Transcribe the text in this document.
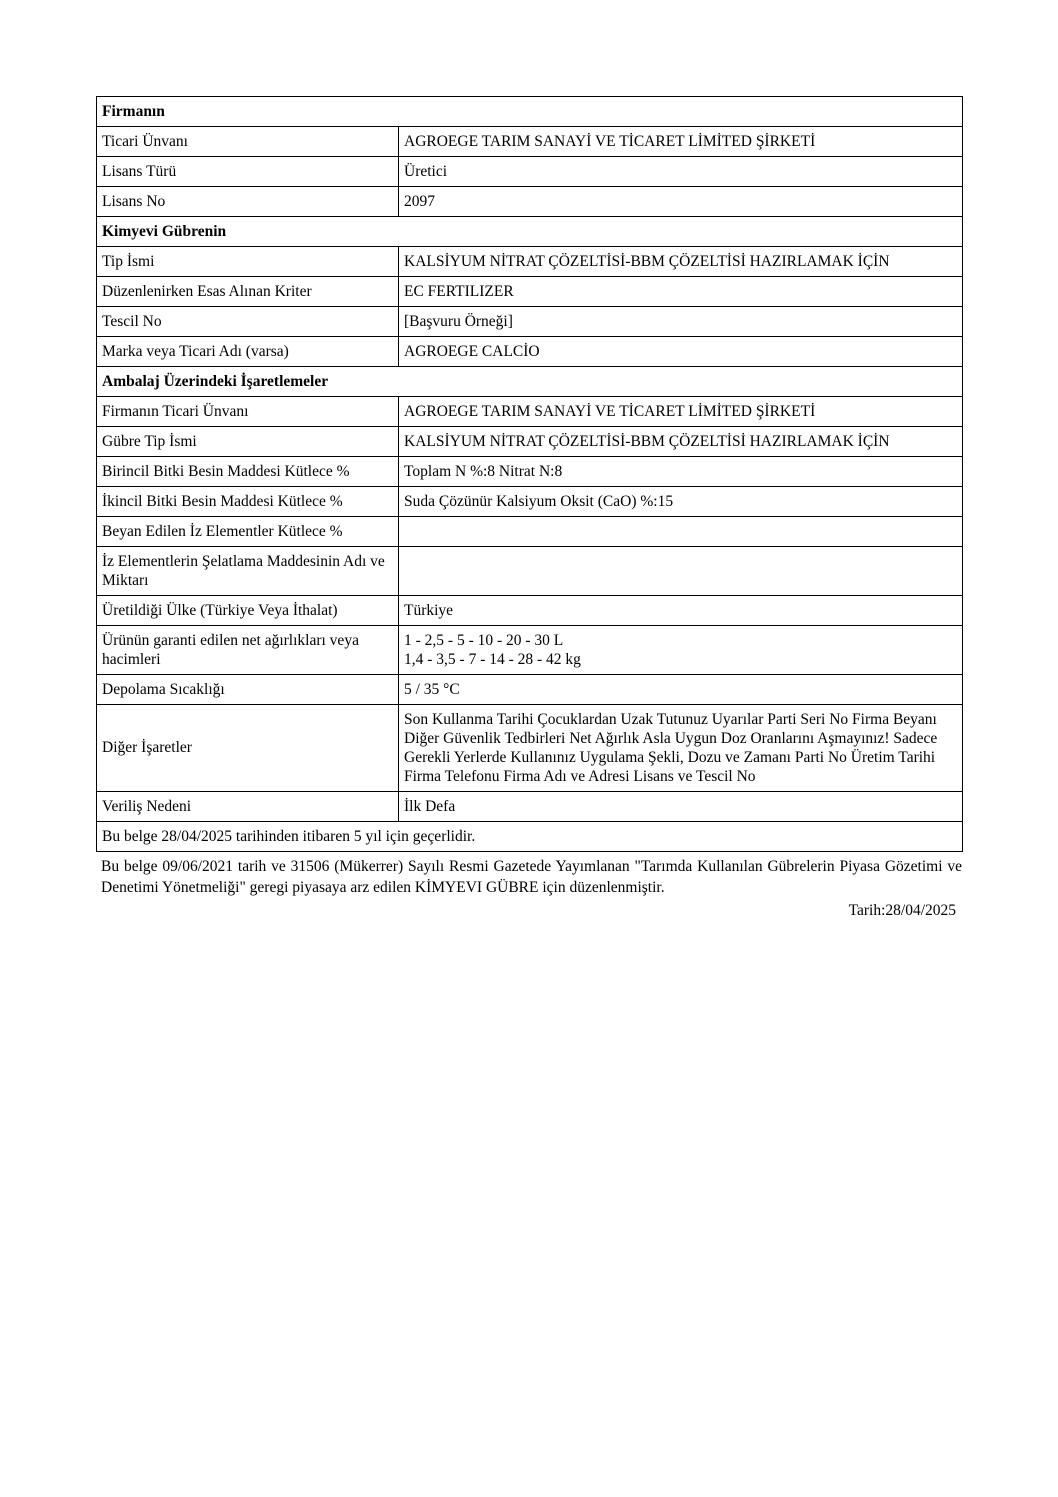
Firmanın	
Ticari Ünvanı	AGROEGE TARIM SANAYİ VE TİCARET LİMİTED ŞİRKETİ
Lisans Türü	Üretici
Lisans No	2097
Kimyevi Gübrenin	
Tip İsmi	KALSİYUM NİTRAT ÇÖZELTİSİ-BBM ÇÖZELTİSİ HAZIRLAMAK İÇİN
Düzenlenirken Esas Alınan Kriter	EC FERTILIZER
Tescil No	[Başvuru Örneği]
Marka veya Ticari Adı (varsa)	AGROEGE CALCİO
Ambalaj Üzerindeki İşaretlemeler	
Firmanın Ticari Ünvanı	AGROEGE TARIM SANAYİ VE TİCARET LİMİTED ŞİRKETİ
Gübre Tip İsmi	KALSİYUM NİTRAT ÇÖZELTİSİ-BBM ÇÖZELTİSİ HAZIRLAMAK İÇİN
Birincil Bitki Besin Maddesi Kütlece %	Toplam N %:8 Nitrat N:8
İkincil Bitki Besin Maddesi Kütlece %	Suda Çözünür Kalsiyum Oksit (CaO) %:15
Beyan Edilen İz Elementler Kütlece %	
İz Elementlerin Şelatlama Maddesinin Adı ve Miktarı	
Üretildiği Ülke (Türkiye Veya İthalat)	Türkiye
Ürünün garanti edilen net ağırlıkları veya hacimleri	1 - 2,5 - 5 - 10 - 20 - 30 L
1,4 - 3,5 - 7 - 14 - 28 - 42 kg

Depolama Sıcaklığı	5 / 35 °C
Diğer İşaretler	Son Kullanma Tarihi Çocuklardan Uzak Tutunuz Uyarılar Parti Seri No Firma Beyanı Diğer Güvenlik Tedbirleri Net Ağırlık Asla Uygun Doz Oranlarını Aşmayınız! Sadece Gerekli Yerlerde Kullanınız Uygulama Şekli, Dozu ve Zamanı Parti No Üretim Tarihi Firma Telefonu Firma Adı ve Adresi Lisans ve Tescil No
Veriliş Nedeni	İlk Defa
Bu belge 28/04/2025 tarihinden itibaren 5 yıl için geçerlidir.	
Bu belge 09/06/2021 tarih ve 31506 (Mükerrer) Sayılı Resmi Gazetede Yayımlanan "Tarımda Kullanılan Gübrelerin Piyasa Gözetimi ve Denetimi Yönetmeliği" geregi piyasaya arz edilen KİMYEVI GÜBRE için düzenlenmiştir.
Tarih:28/04/2025
